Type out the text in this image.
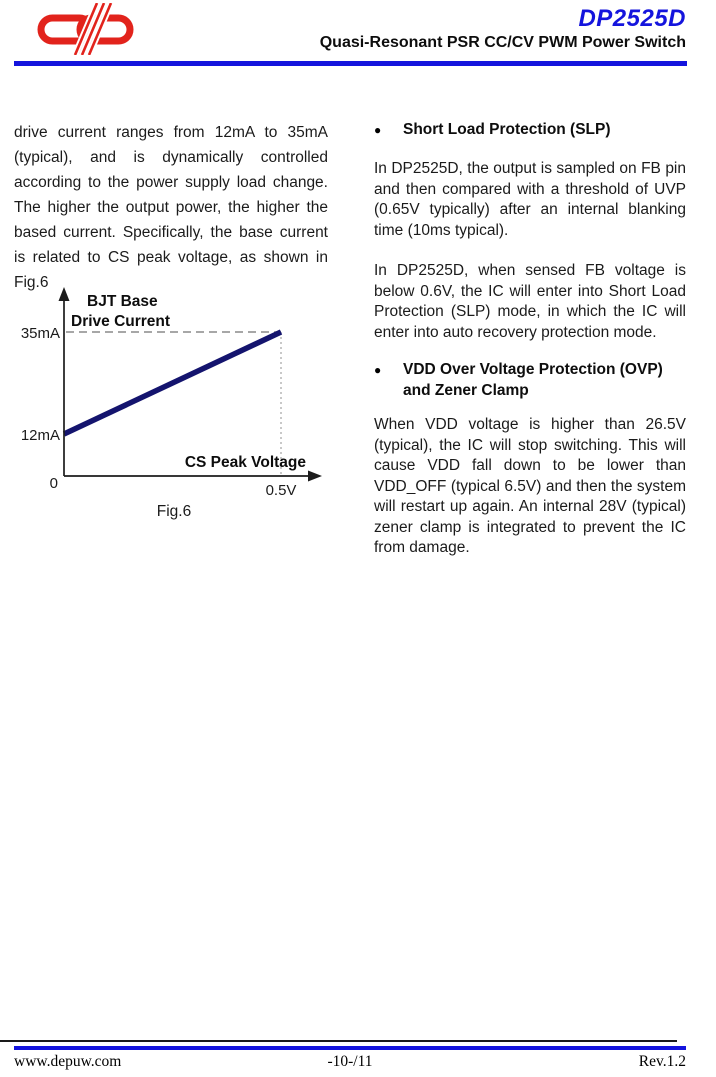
DP2525D
Quasi-Resonant PSR CC/CV PWM Power Switch

drive current ranges from 12mA to 35mA (typical), and is dynamically controlled according to the power supply load change. The higher the output power, the higher the based current. Specifically, the base current is related to CS peak voltage, as shown in Fig.6

35mA
12mA
0	0.5V
BJT Base
Drive Current
CS Peak Voltage
Fig.6
●	Short Load Protection (SLP)

In DP2525D, the output is sampled on FB pin and then compared with a threshold of UVP (0.65V typically) after an internal blanking time (10ms typical).

In DP2525D, when sensed FB voltage is below 0.6V, the IC will enter into Short Load Protection (SLP) mode, in which the IC will enter into auto recovery protection mode.

●	VDD Over Voltage Protection (OVP) and Zener Clamp

When VDD voltage is higher than 26.5V (typical), the IC will stop switching. This will cause VDD fall down to be lower than VDD_OFF (typical 6.5V) and then the system will restart up again. An internal 28V (typical) zener clamp is integrated to prevent the IC from damage.

www.depuw.com	-10-/11	Rev.1.2
